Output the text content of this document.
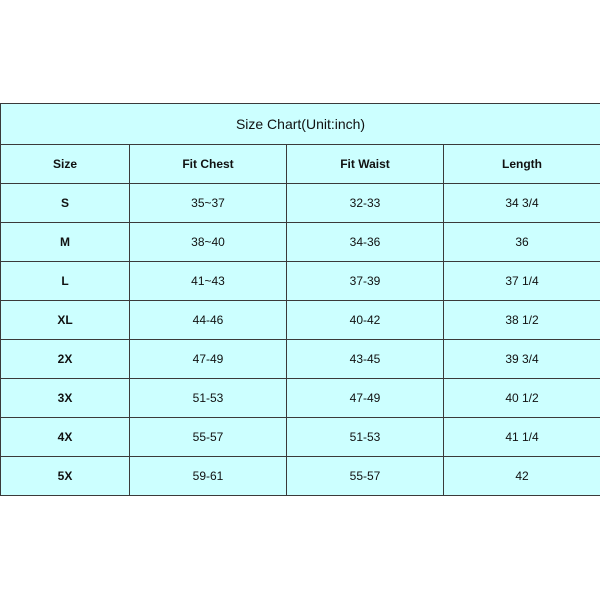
Size Chart(Unit:inch)			
Size	Fit Chest	Fit Waist	Length
S	35~37	32-33	34 3/4
M	38~40	34-36	36
L	41~43	37-39	37 1/4
XL	44-46	40-42	38 1/2
2X	47-49	43-45	39 3/4
3X	51-53	47-49	40 1/2
4X	55-57	51-53	41 1/4
5X	59-61	55-57	42
